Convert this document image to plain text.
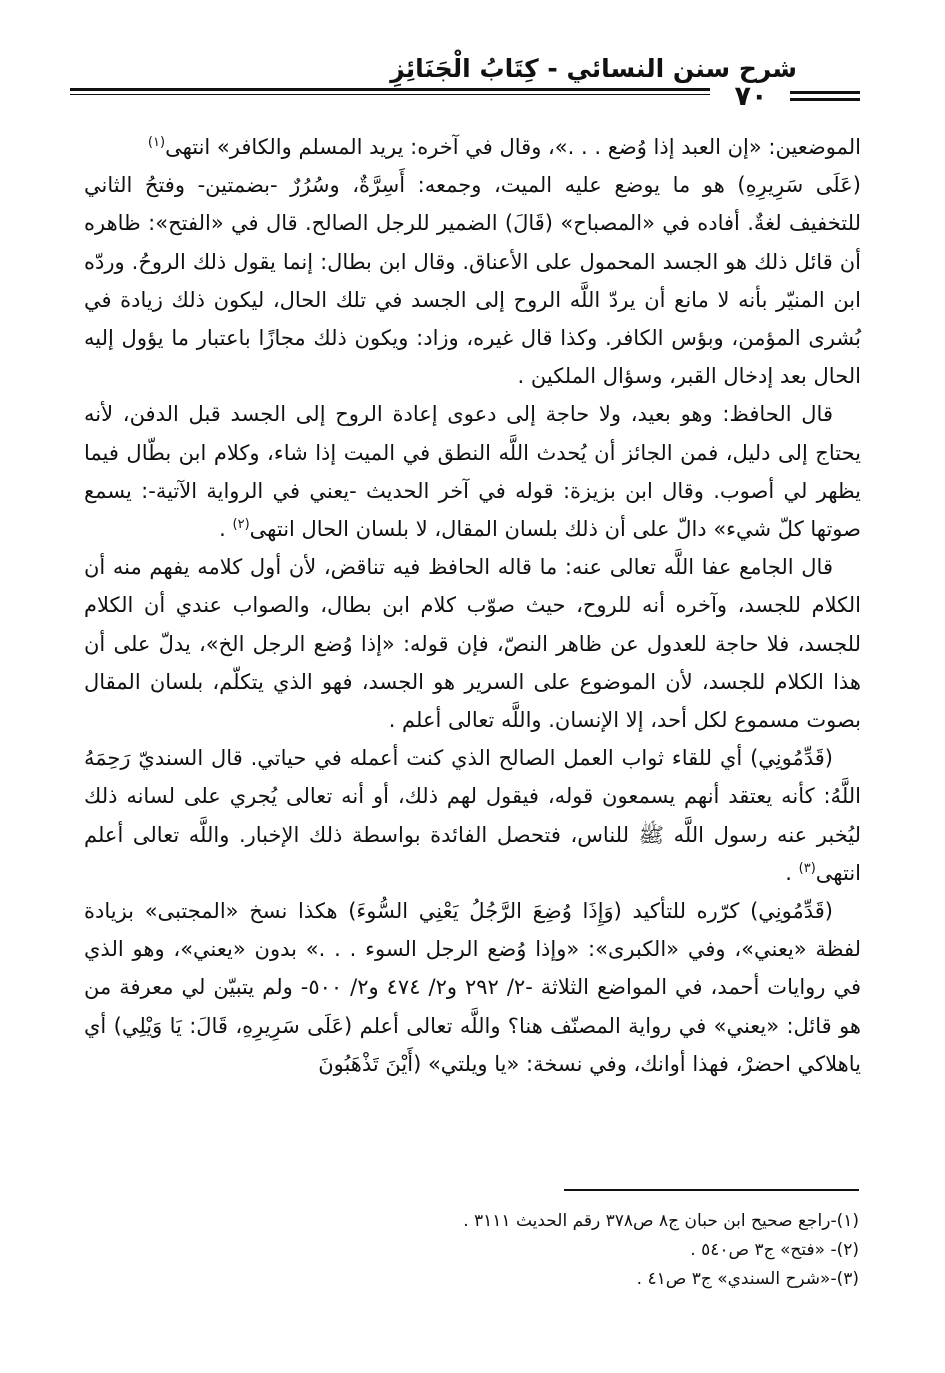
شرح سنن النسائي - كِتَابُ الْجَنَائِزِ
٧٠

الموضعين: «إن العبد إذا وُضع . . .»، وقال في آخره: يريد المسلم والكافر» انتهى$^{(١)}$

(عَلَى سَرِيرِهِ) هو ما يوضع عليه الميت، وجمعه: أَسِرَّةٌ، وسُرُرٌ -بضمتين- وفتحُ الثاني للتخفيف لغةٌ. أفاده في «المصباح» (قَالَ) الضمير للرجل الصالح. قال في «الفتح»: ظاهره أن قائل ذلك هو الجسد المحمول على الأعناق. وقال ابن بطال: إنما يقول ذلك الروحُ. وردّه ابن المنيّر بأنه لا مانع أن يردّ اللَّه الروح إلى الجسد في تلك الحال، ليكون ذلك زيادة في بُشرى المؤمن، وبؤس الكافر. وكذا قال غيره، وزاد: ويكون ذلك مجازًا باعتبار ما يؤول إليه الحال بعد إدخال القبر، وسؤال الملكين .

قال الحافظ: وهو بعيد، ولا حاجة إلى دعوى إعادة الروح إلى الجسد قبل الدفن، لأنه يحتاج إلى دليل، فمن الجائز أن يُحدث اللَّه النطق في الميت إذا شاء، وكلام ابن بطّال فيما يظهر لي أصوب. وقال ابن بزيزة: قوله في آخر الحديث -يعني في الرواية الآتية-: يسمع صوتها كلّ شيء» دالّ على أن ذلك بلسان المقال، لا بلسان الحال انتهى$^{(٢)}$ .

قال الجامع عفا اللَّه تعالى عنه: ما قاله الحافظ فيه تناقض، لأن أول كلامه يفهم منه أن الكلام للجسد، وآخره أنه للروح، حيث صوّب كلام ابن بطال، والصواب عندي أن الكلام للجسد، فلا حاجة للعدول عن ظاهر النصّ، فإن قوله: «إذا وُضع الرجل الخ»، يدلّ على أن هذا الكلام للجسد، لأن الموضوع على السرير هو الجسد، فهو الذي يتكلّم، بلسان المقال بصوت مسموع لكل أحد، إلا الإنسان. واللَّه تعالى أعلم .

(قَدِّمُونِي) أي للقاء ثواب العمل الصالح الذي كنت أعمله في حياتي. قال السنديّ رَحِمَهُ اللَّهُ: كأنه يعتقد أنهم يسمعون قوله، فيقول لهم ذلك، أو أنه تعالى يُجري على لسانه ذلك ليُخبر عنه رسول اللَّه ﷺ للناس، فتحصل الفائدة بواسطة ذلك الإخبار. واللَّه تعالى أعلم انتهى$^{(٣)}$ .

(قَدِّمُونِي) كرّره للتأكيد (وَإِذَا وُضِعَ الرَّجُلُ يَعْنِي السُّوءَ) هكذا نسخ «المجتبى» بزيادة لفظة «يعني»، وفي «الكبرى»: «وإذا وُضع الرجل السوء . . .» بدون «يعني»، وهو الذي في روايات أحمد، في المواضع الثلاثة -٢/ ٢٩٢ و٢/ ٤٧٤ و٢/ ٥٠٠- ولم يتبيّن لي معرفة من هو قائل: «يعني» في رواية المصنّف هنا؟ واللَّه تعالى أعلم (عَلَى سَرِيرِهِ، قَالَ: يَا وَيْلِي) أي ياهلاكي احضرْ، فهذا أوانك، وفي نسخة: «يا ويلتي» (أَيْنَ تَذْهَبُونَ

(١)-راجع صحيح ابن حبان ج٨ ص٣٧٨ رقم الحديث ٣١١١ .

(٢)- «فتح» ج٣ ص٥٤٠ .

(٣)-«شرح السندي» ج٣ ص٤١ .
